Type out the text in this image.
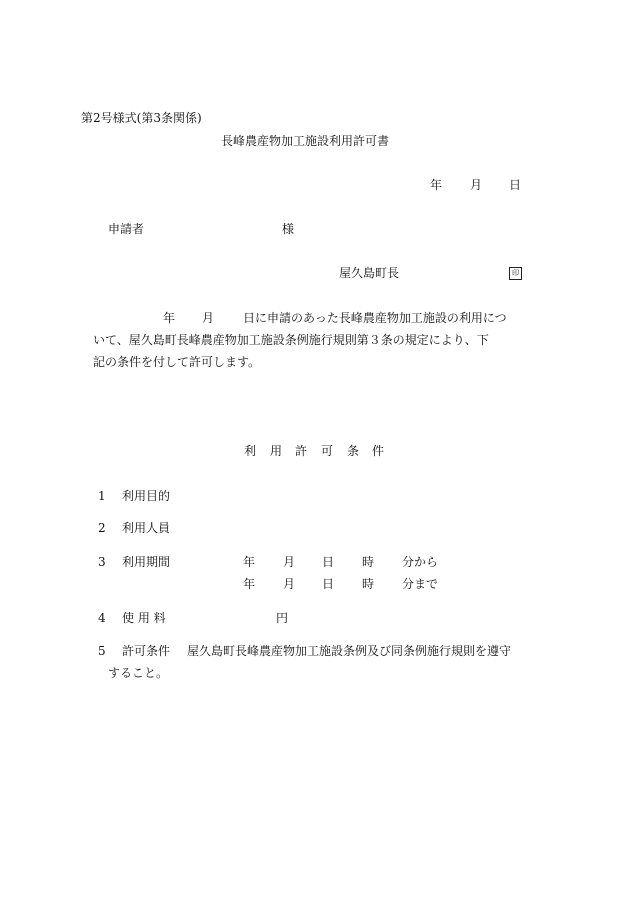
第2号様式(第3条関係)
長峰農産物加工施設利用許可書
年 月 日
申請者	様
屋久島町長	印
年 月 日に申請のあった長峰農産物加工施設の利用につ
いて、屋久島町長峰農産物加工施設条例施行規則第３条の規定により、下
記の条件を付して許可します。
利 用 許 可 条 件
1 利用目的
2 利用人員
3 利用期間	年 月 日 時 分から
年 月 日 時 分まで
4 使 用 料	円
5 許可条件 屋久島町長峰農産物加工施設条例及び同条例施行規則を遵守
すること。
